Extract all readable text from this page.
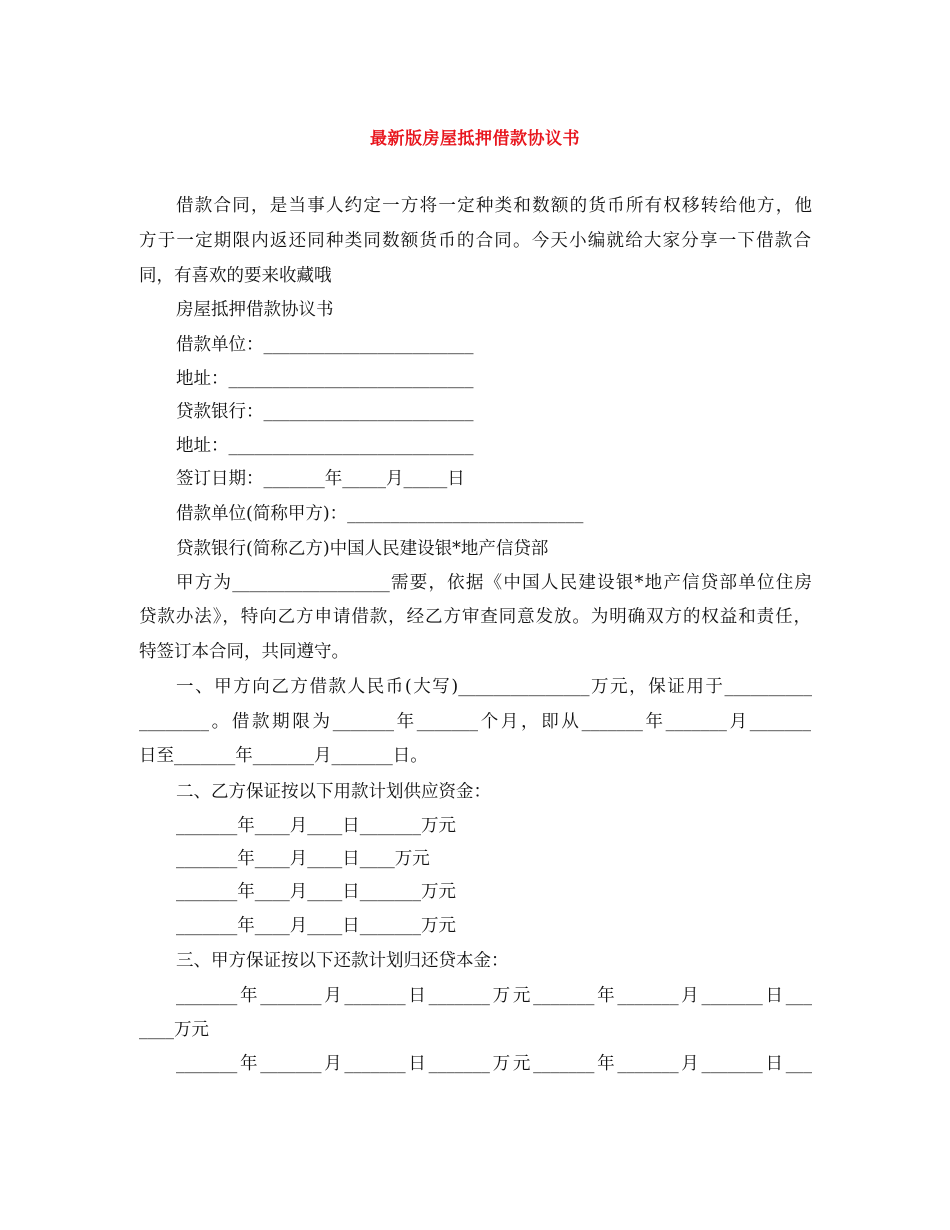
最新版房屋抵押借款协议书
借款合同，是当事人约定一方将一定种类和数额的货币所有权移转给他方，他
方于一定期限内返还同种类同数额货币的合同。今天小编就给大家分享一下借款合
同，有喜欢的要来收藏哦
房屋抵押借款协议书
借款单位：________________________
地址：____________________________
贷款银行：________________________
地址：____________________________
签订日期：_______年_____月_____日
借款单位(简称甲方)：___________________________
贷款银行(简称乙方)中国人民建设银*地产信贷部
甲方为__________________需要，依据《中国人民建设银*地产信贷部单位住房
贷款办法》，特向乙方申请借款，经乙方审查同意发放。为明确双方的权益和责任，
特签订本合同，共同遵守。
一、甲方向乙方借款人民币(大写)_______________万元，保证用于__________
________。借款期限为_______年_______个月，即从_______年_______月_______
日至_______年_______月_______日。
二、乙方保证按以下用款计划供应资金：
_______年____月____日_______万元
_______年____月____日____万元
_______年____月____日_______万元
_______年____月____日_______万元
三、甲方保证按以下还款计划归还贷本金：
_______年_______月_______日_______万元_______年_______月_______日___
____万元
_______年_______月_______日_______万元_______年_______月_______日___
